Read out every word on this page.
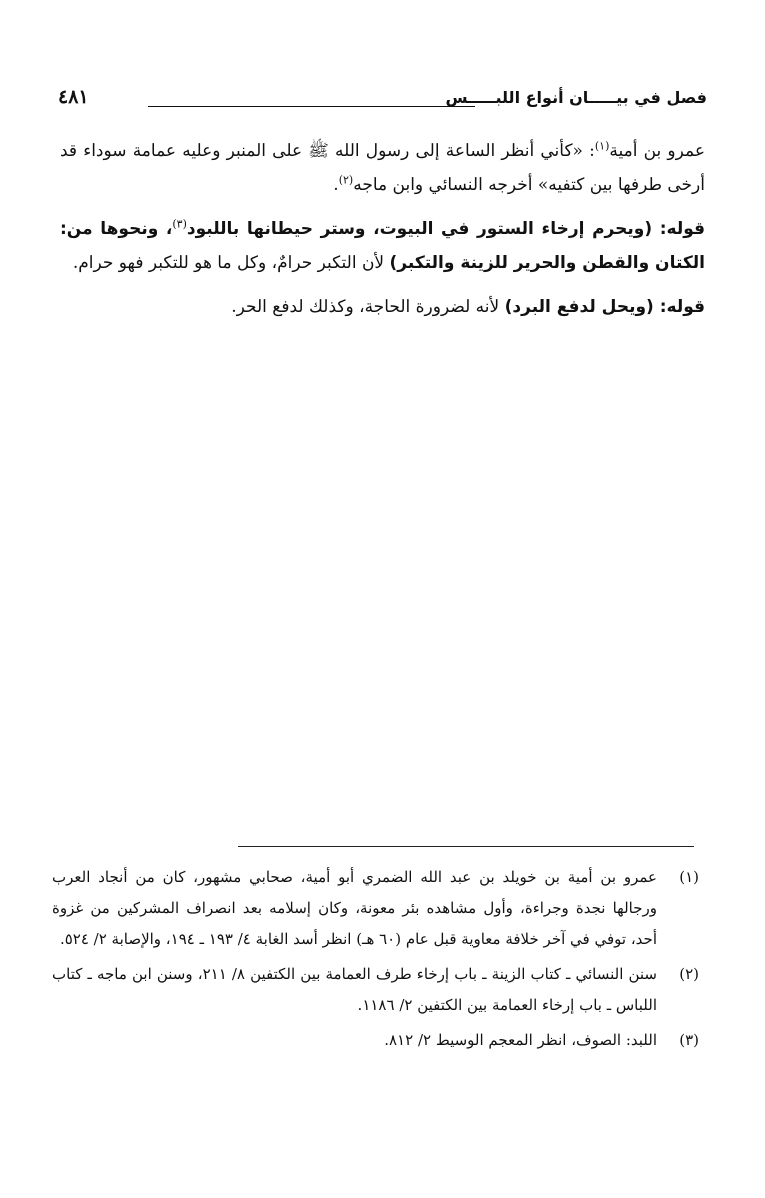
فصل في بيـــــان أنواع اللبـــــس
٤٨١

عمرو بن أمية$^{(١)}$: «كأني أنظر الساعة إلى رسول الله ﷺ على المنبر وعليه عمامة سوداء قد أرخى طرفها بين كتفيه» أخرجه النسائي وابن ماجه$^{(٢)}$.

قوله: (ويحرم إرخاء الستور في البيوت، وستر حيطانها باللبود$^{(٣)}$، ونحوها من: الكتان والقطن والحرير للزينة والتكبر) لأن التكبر حرامٌ، وكل ما هو للتكبر فهو حرام.

قوله: (ويحل لدفع البرد) لأنه لضرورة الحاجة، وكذلك لدفع الحر.

(١)
عمرو بن أمية بن خويلد بن عبد الله الضمري أبو أمية، صحابي مشهور، كان من أنجاد العرب ورجالها نجدة وجراءة، وأول مشاهده بئر معونة، وكان إسلامه بعد انصراف المشركين من غزوة أحد، توفي في آخر خلافة معاوية قبل عام (٦٠ هـ) انظر أسد الغابة ٤/ ١٩٣ ـ ١٩٤، والإصابة ٢/ ٥٢٤.
(٢)
سنن النسائي ـ كتاب الزينة ـ باب إرخاء طرف العمامة بين الكتفين ٨/ ٢١١، وسنن ابن ماجه ـ كتاب اللباس ـ باب إرخاء العمامة بين الكتفين ٢/ ١١٨٦.
(٣)
اللبد: الصوف، انظر المعجم الوسيط ٢/ ٨١٢.
